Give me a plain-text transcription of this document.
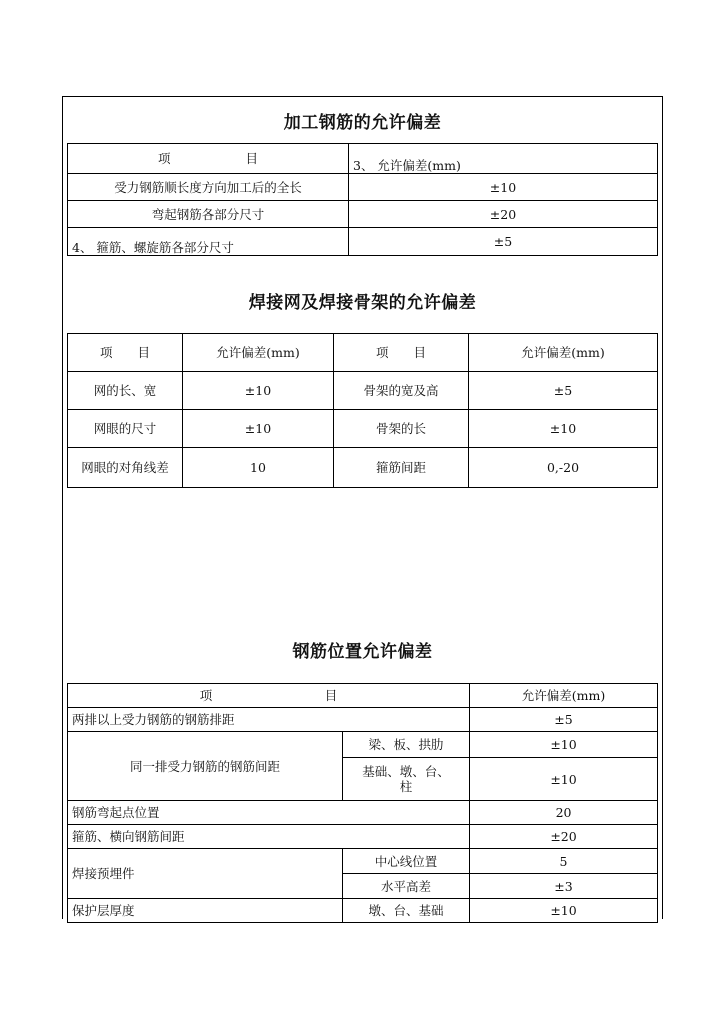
加工钢筋的允许偏差
项　　　　　　目	3、 允许偏差(mm)
受力钢筋顺长度方向加工后的全长	±10
弯起钢筋各部分尺寸	±20
4、 箍筋、螺旋筋各部分尺寸	±5
焊接网及焊接骨架的允许偏差
项　　目	允许偏差(mm)	项　　目	允许偏差(mm)
网的长、宽	±10	骨架的宽及高	±5
网眼的尺寸	±10	骨架的长	±10
网眼的对角线差	10	箍筋间距	0,-20
钢筋位置允许偏差
项　　　　　　　　　目		允许偏差(mm)
两排以上受力钢筋的钢筋排距		±5
同一排受力钢筋的钢筋间距	梁、板、拱肋	±10
	基础、墩、台、柱	±10
钢筋弯起点位置		20
箍筋、横向钢筋间距		±20
焊接预埋件	中心线位置	5
	水平高差	±3
保护层厚度	墩、台、基础	±10
